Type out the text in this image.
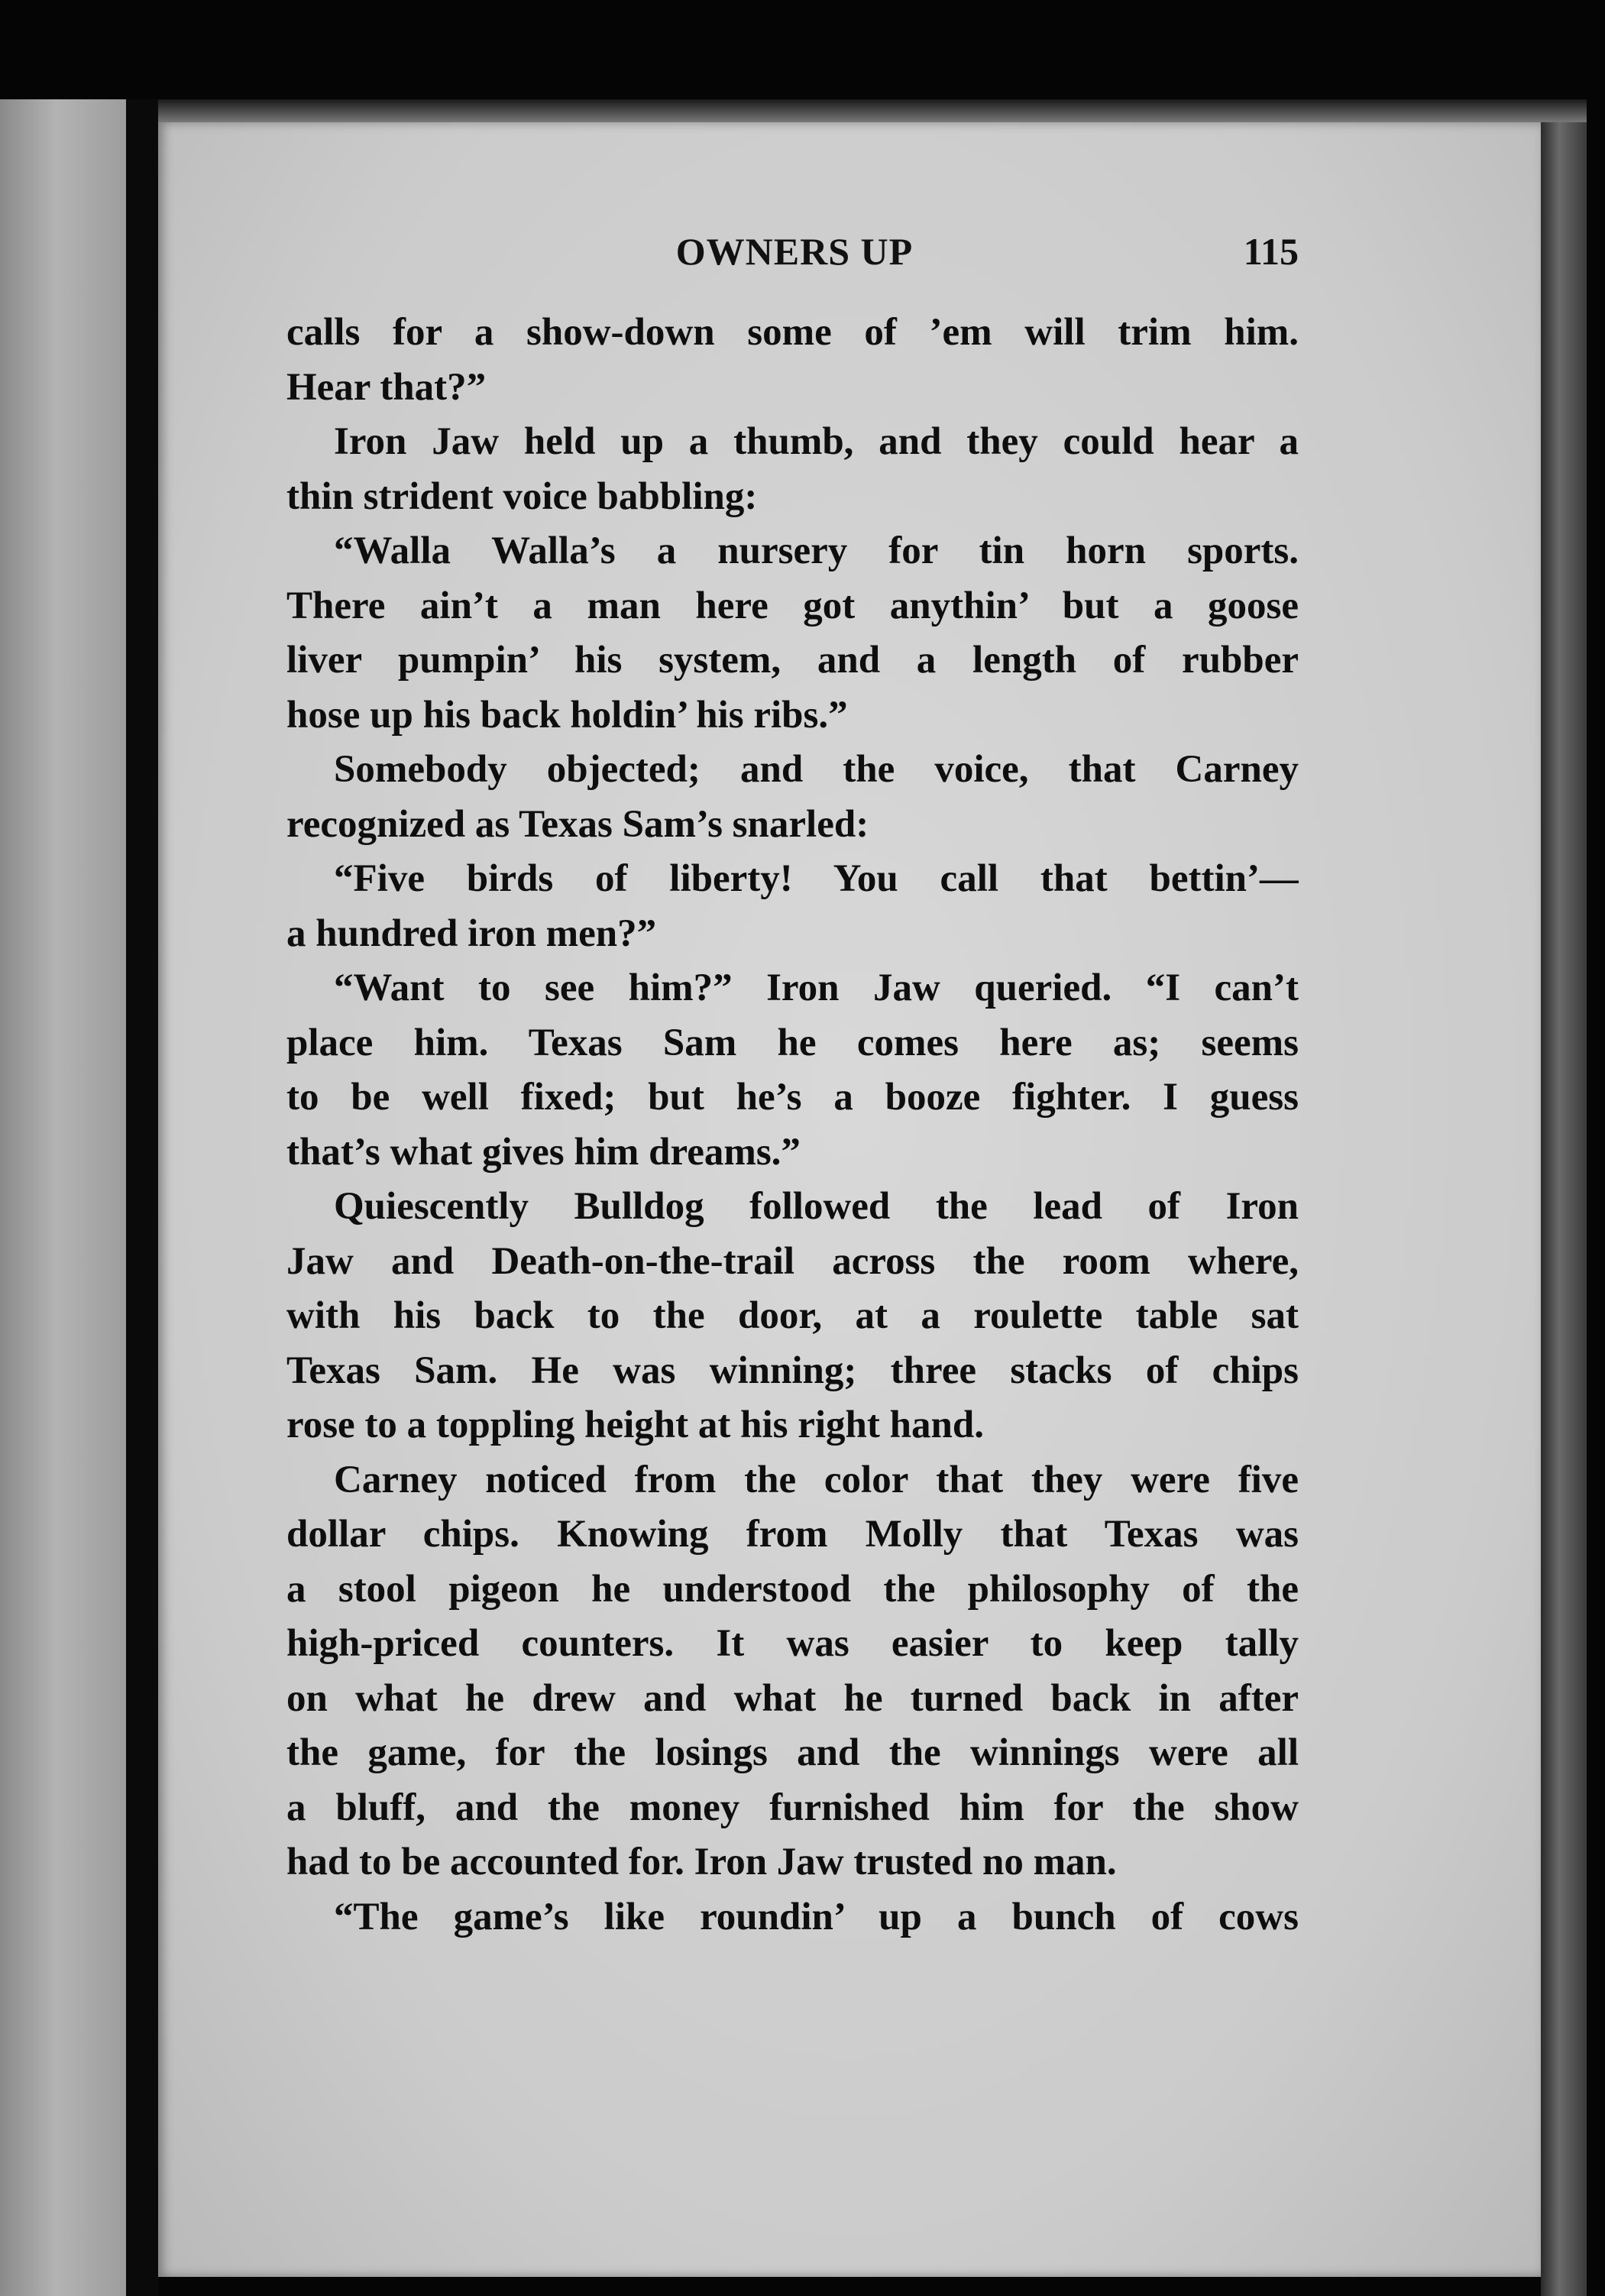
OWNERS UP	115
calls for a show-down some of ’em will trim him.
Hear that?”
Iron Jaw held up a thumb, and they could hear a
thin strident voice babbling:
“Walla Walla’s a nursery for tin horn sports.
There ain’t a man here got anythin’ but a goose
liver pumpin’ his system, and a length of rubber
hose up his back holdin’ his ribs.”
Somebody objected; and the voice, that Carney
recognized as Texas Sam’s snarled:
“Five birds of liberty! You call that bettin’—
a hundred iron men?”
“Want to see him?” Iron Jaw queried. “I can’t
place him. Texas Sam he comes here as; seems
to be well fixed; but he’s a booze fighter. I guess
that’s what gives him dreams.”
Quiescently Bulldog followed the lead of Iron
Jaw and Death-on-the-trail across the room where,
with his back to the door, at a roulette table sat
Texas Sam. He was winning; three stacks of chips
rose to a toppling height at his right hand.
Carney noticed from the color that they were five
dollar chips. Knowing from Molly that Texas was
a stool pigeon he understood the philosophy of the
high-priced counters. It was easier to keep tally
on what he drew and what he turned back in after
the game, for the losings and the winnings were all
a bluff, and the money furnished him for the show
had to be accounted for. Iron Jaw trusted no man.
“The game’s like roundin’ up a bunch of cows
